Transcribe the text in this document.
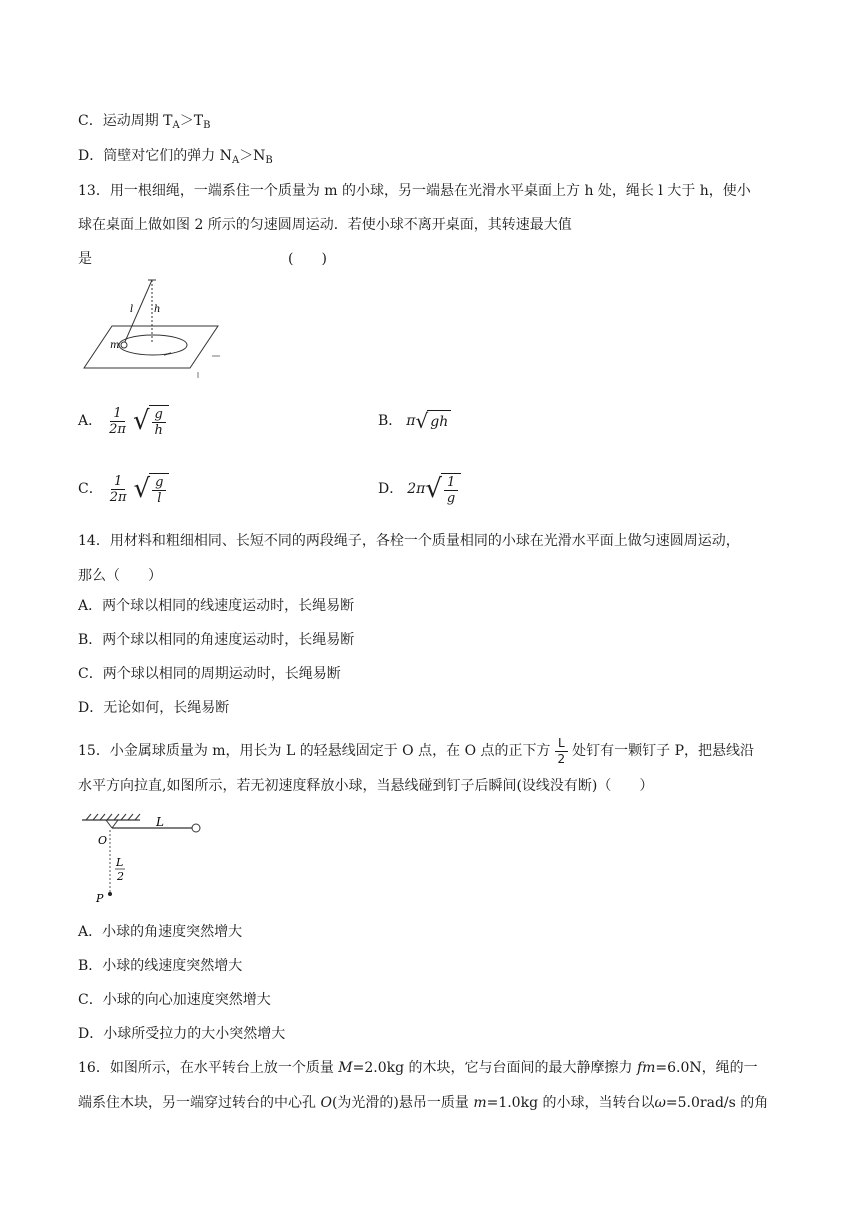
C．运动周期 $T_A>T_B$
D．筒壁对它们的弹力 $N_A>N_B$
13．用一根细绳，一端系住一个质量为 m 的小球，另一端悬在光滑水平桌面上方 h 处，绳长 l 大于 h，使小
球在桌面上做如图 2 所示的匀速圆周运动．若使小球不离开桌面，其转速最大值
是	(　　)
l h
m
A． $\frac{1}{2\pi}$ √ $\frac{g}{h}$	B． π √ gh
C． $\frac{1}{2\pi}$ √ $\frac{g}{l}$	D． 2π √ $\frac{1}{g}$
14．用材料和粗细相同、长短不同的两段绳子，各栓一个质量相同的小球在光滑水平面上做匀速圆周运动，
那么（　　）
A．两个球以相同的线速度运动时，长绳易断
B．两个球以相同的角速度运动时，长绳易断
C．两个球以相同的周期运动时，长绳易断
D．无论如何，长绳易断
15．小金属球质量为 m，用长为 L 的轻悬线固定于 O 点，在 O 点的正下方 $\frac{L}{2}$ 处钉有一颗钉子 P，把悬线沿
水平方向拉直,如图所示，若无初速度释放小球，当悬线碰到钉子后瞬间(设线没有断)（　　）
L
O
L
2
P
A．小球的角速度突然增大
B．小球的线速度突然增大
C．小球的向心加速度突然增大
D．小球所受拉力的大小突然增大
16．如图所示，在水平转台上放一个质量 M=2.0kg 的木块，它与台面间的最大静摩擦力 fm=6.0N，绳的一
端系住木块，另一端穿过转台的中心孔 O(为光滑的)悬吊一质量 m=1.0kg 的小球，当转台以ω=5.0rad/s 的角
